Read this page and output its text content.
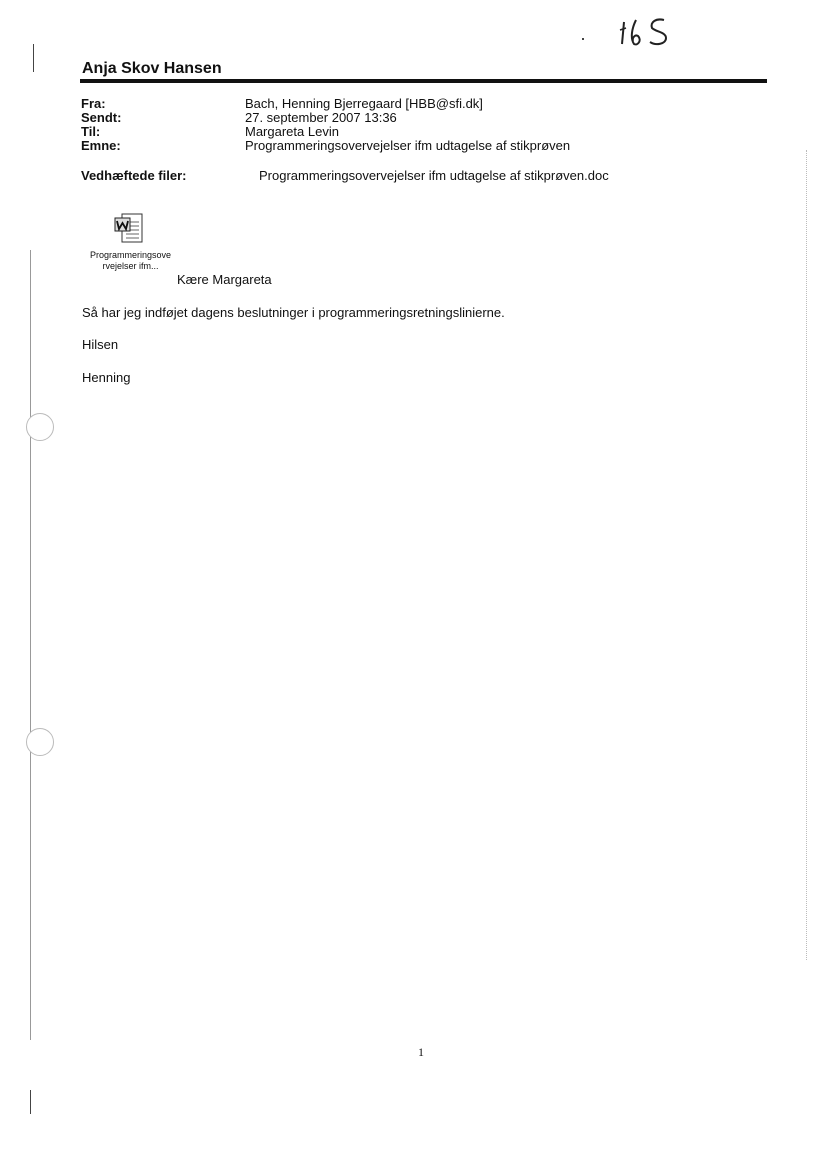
Anja Skov Hansen
Fra:	Bach, Henning Bjerregaard [HBB@sfi.dk]
Sendt:	27. september 2007 13:36
Til:	Margareta Levin
Emne:	Programmeringsovervejelser ifm udtagelse af stikprøven
Vedhæftede filer:	Programmeringsovervejelser ifm udtagelse af stikprøven.doc
Programmeringsove
rvejelser ifm...
Kære Margareta
Så har jeg indføjet dagens beslutninger i programmeringsretningslinierne.
Hilsen
Henning
1
